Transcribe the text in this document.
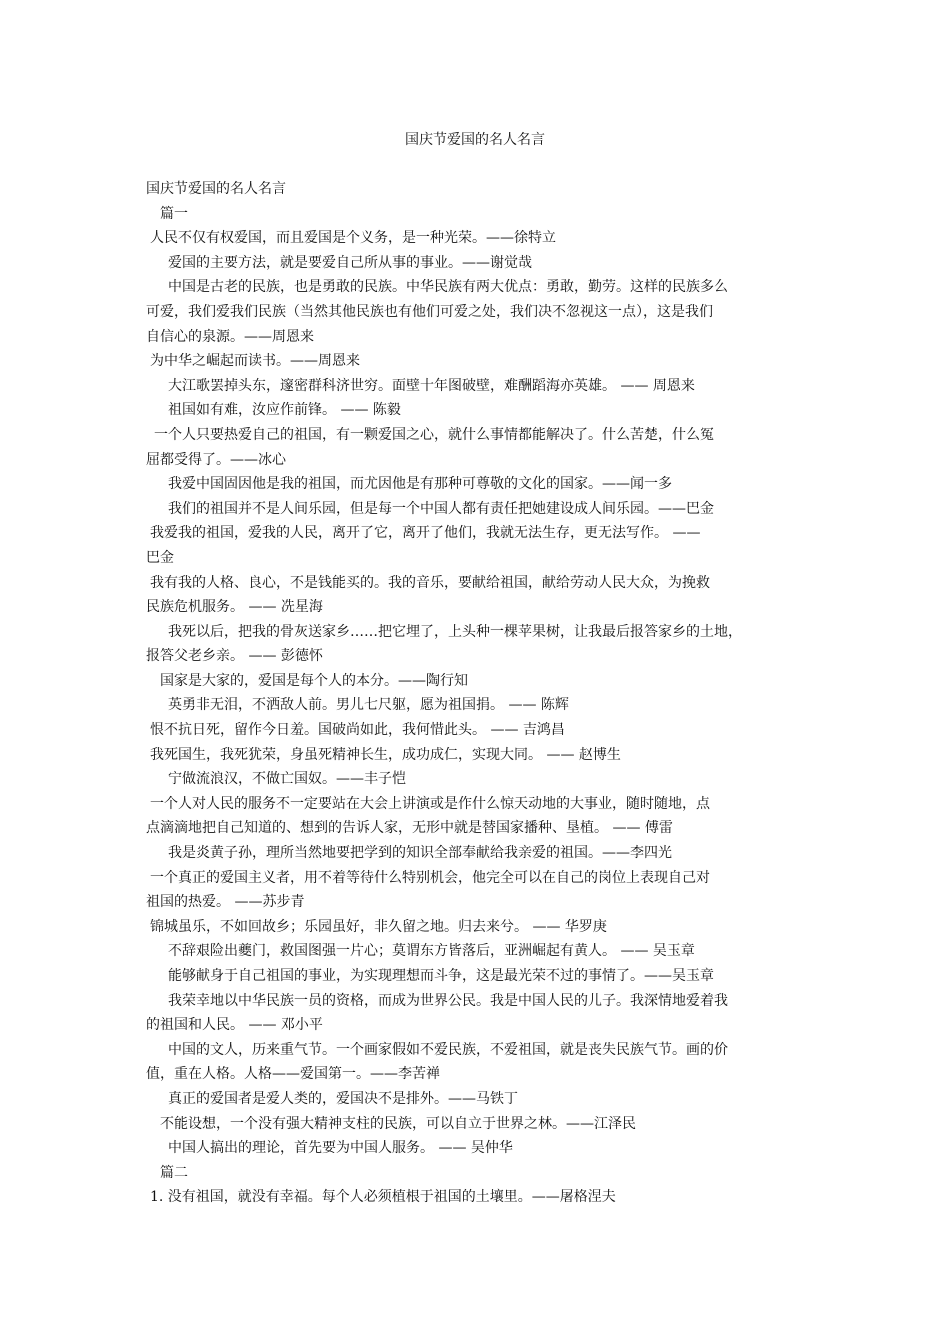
国庆节爱国的名人名言
国庆节爱国的名人名言
篇一
人民不仅有权爱国，而且爱国是个义务，是一种光荣。——徐特立
爱国的主要方法，就是要爱自己所从事的事业。——谢觉哉
中国是古老的民族，也是勇敢的民族。中华民族有两大优点：勇敢，勤劳。这样的民族多么
可爱，我们爱我们民族（当然其他民族也有他们可爱之处，我们决不忽视这一点），这是我们
自信心的泉源。——周恩来
为中华之崛起而读书。——周恩来
大江歌罢掉头东，邃密群科济世穷。面壁十年图破壁，难酬蹈海亦英雄。 —— 周恩来
祖国如有难，汝应作前锋。 —— 陈毅
一个人只要热爱自己的祖国，有一颗爱国之心，就什么事情都能解决了。什么苦楚，什么冤
屈都受得了。——冰心
我爱中国固因他是我的祖国，而尤因他是有那种可尊敬的文化的国家。——闻一多
我们的祖国并不是人间乐园，但是每一个中国人都有责任把她建设成人间乐园。——巴金
我爱我的祖国，爱我的人民，离开了它，离开了他们，我就无法生存，更无法写作。 ——
巴金
我有我的人格、良心，不是钱能买的。我的音乐，要献给祖国，献给劳动人民大众，为挽救
民族危机服务。 —— 冼星海
我死以后，把我的骨灰送家乡……把它埋了，上头种一棵苹果树，让我最后报答家乡的土地，
报答父老乡亲。 —— 彭德怀
国家是大家的，爱国是每个人的本分。——陶行知
英勇非无泪，不洒敌人前。男儿七尺躯，愿为祖国捐。 —— 陈辉
恨不抗日死，留作今日羞。国破尚如此，我何惜此头。 —— 吉鸿昌
我死国生，我死犹荣，身虽死精神长生，成功成仁，实现大同。 —— 赵博生
宁做流浪汉，不做亡国奴。——丰子恺
一个人对人民的服务不一定要站在大会上讲演或是作什么惊天动地的大事业，随时随地，点
点滴滴地把自己知道的、想到的告诉人家，无形中就是替国家播种、垦植。 —— 傅雷
我是炎黄子孙，理所当然地要把学到的知识全部奉献给我亲爱的祖国。——李四光
一个真正的爱国主义者，用不着等待什么特别机会，他完全可以在自己的岗位上表现自己对
祖国的热爱。 ——苏步青
锦城虽乐，不如回故乡；乐园虽好，非久留之地。归去来兮。 —— 华罗庚
不辞艰险出夔门，救国图强一片心；莫谓东方皆落后，亚洲崛起有黄人。 —— 吴玉章
能够献身于自己祖国的事业，为实现理想而斗争，这是最光荣不过的事情了。——吴玉章
我荣幸地以中华民族一员的资格，而成为世界公民。我是中国人民的儿子。我深情地爱着我
的祖国和人民。 —— 邓小平
中国的文人，历来重气节。一个画家假如不爱民族，不爱祖国，就是丧失民族气节。画的价
值，重在人格。人格——爱国第一。——李苦禅
真正的爱国者是爱人类的，爱国决不是排外。——马铁丁
不能设想，一个没有强大精神支柱的民族，可以自立于世界之林。——江泽民
中国人搞出的理论，首先要为中国人服务。 —— 吴仲华
篇二
1. 没有祖国，就没有幸福。每个人必须植根于祖国的土壤里。——屠格涅夫
